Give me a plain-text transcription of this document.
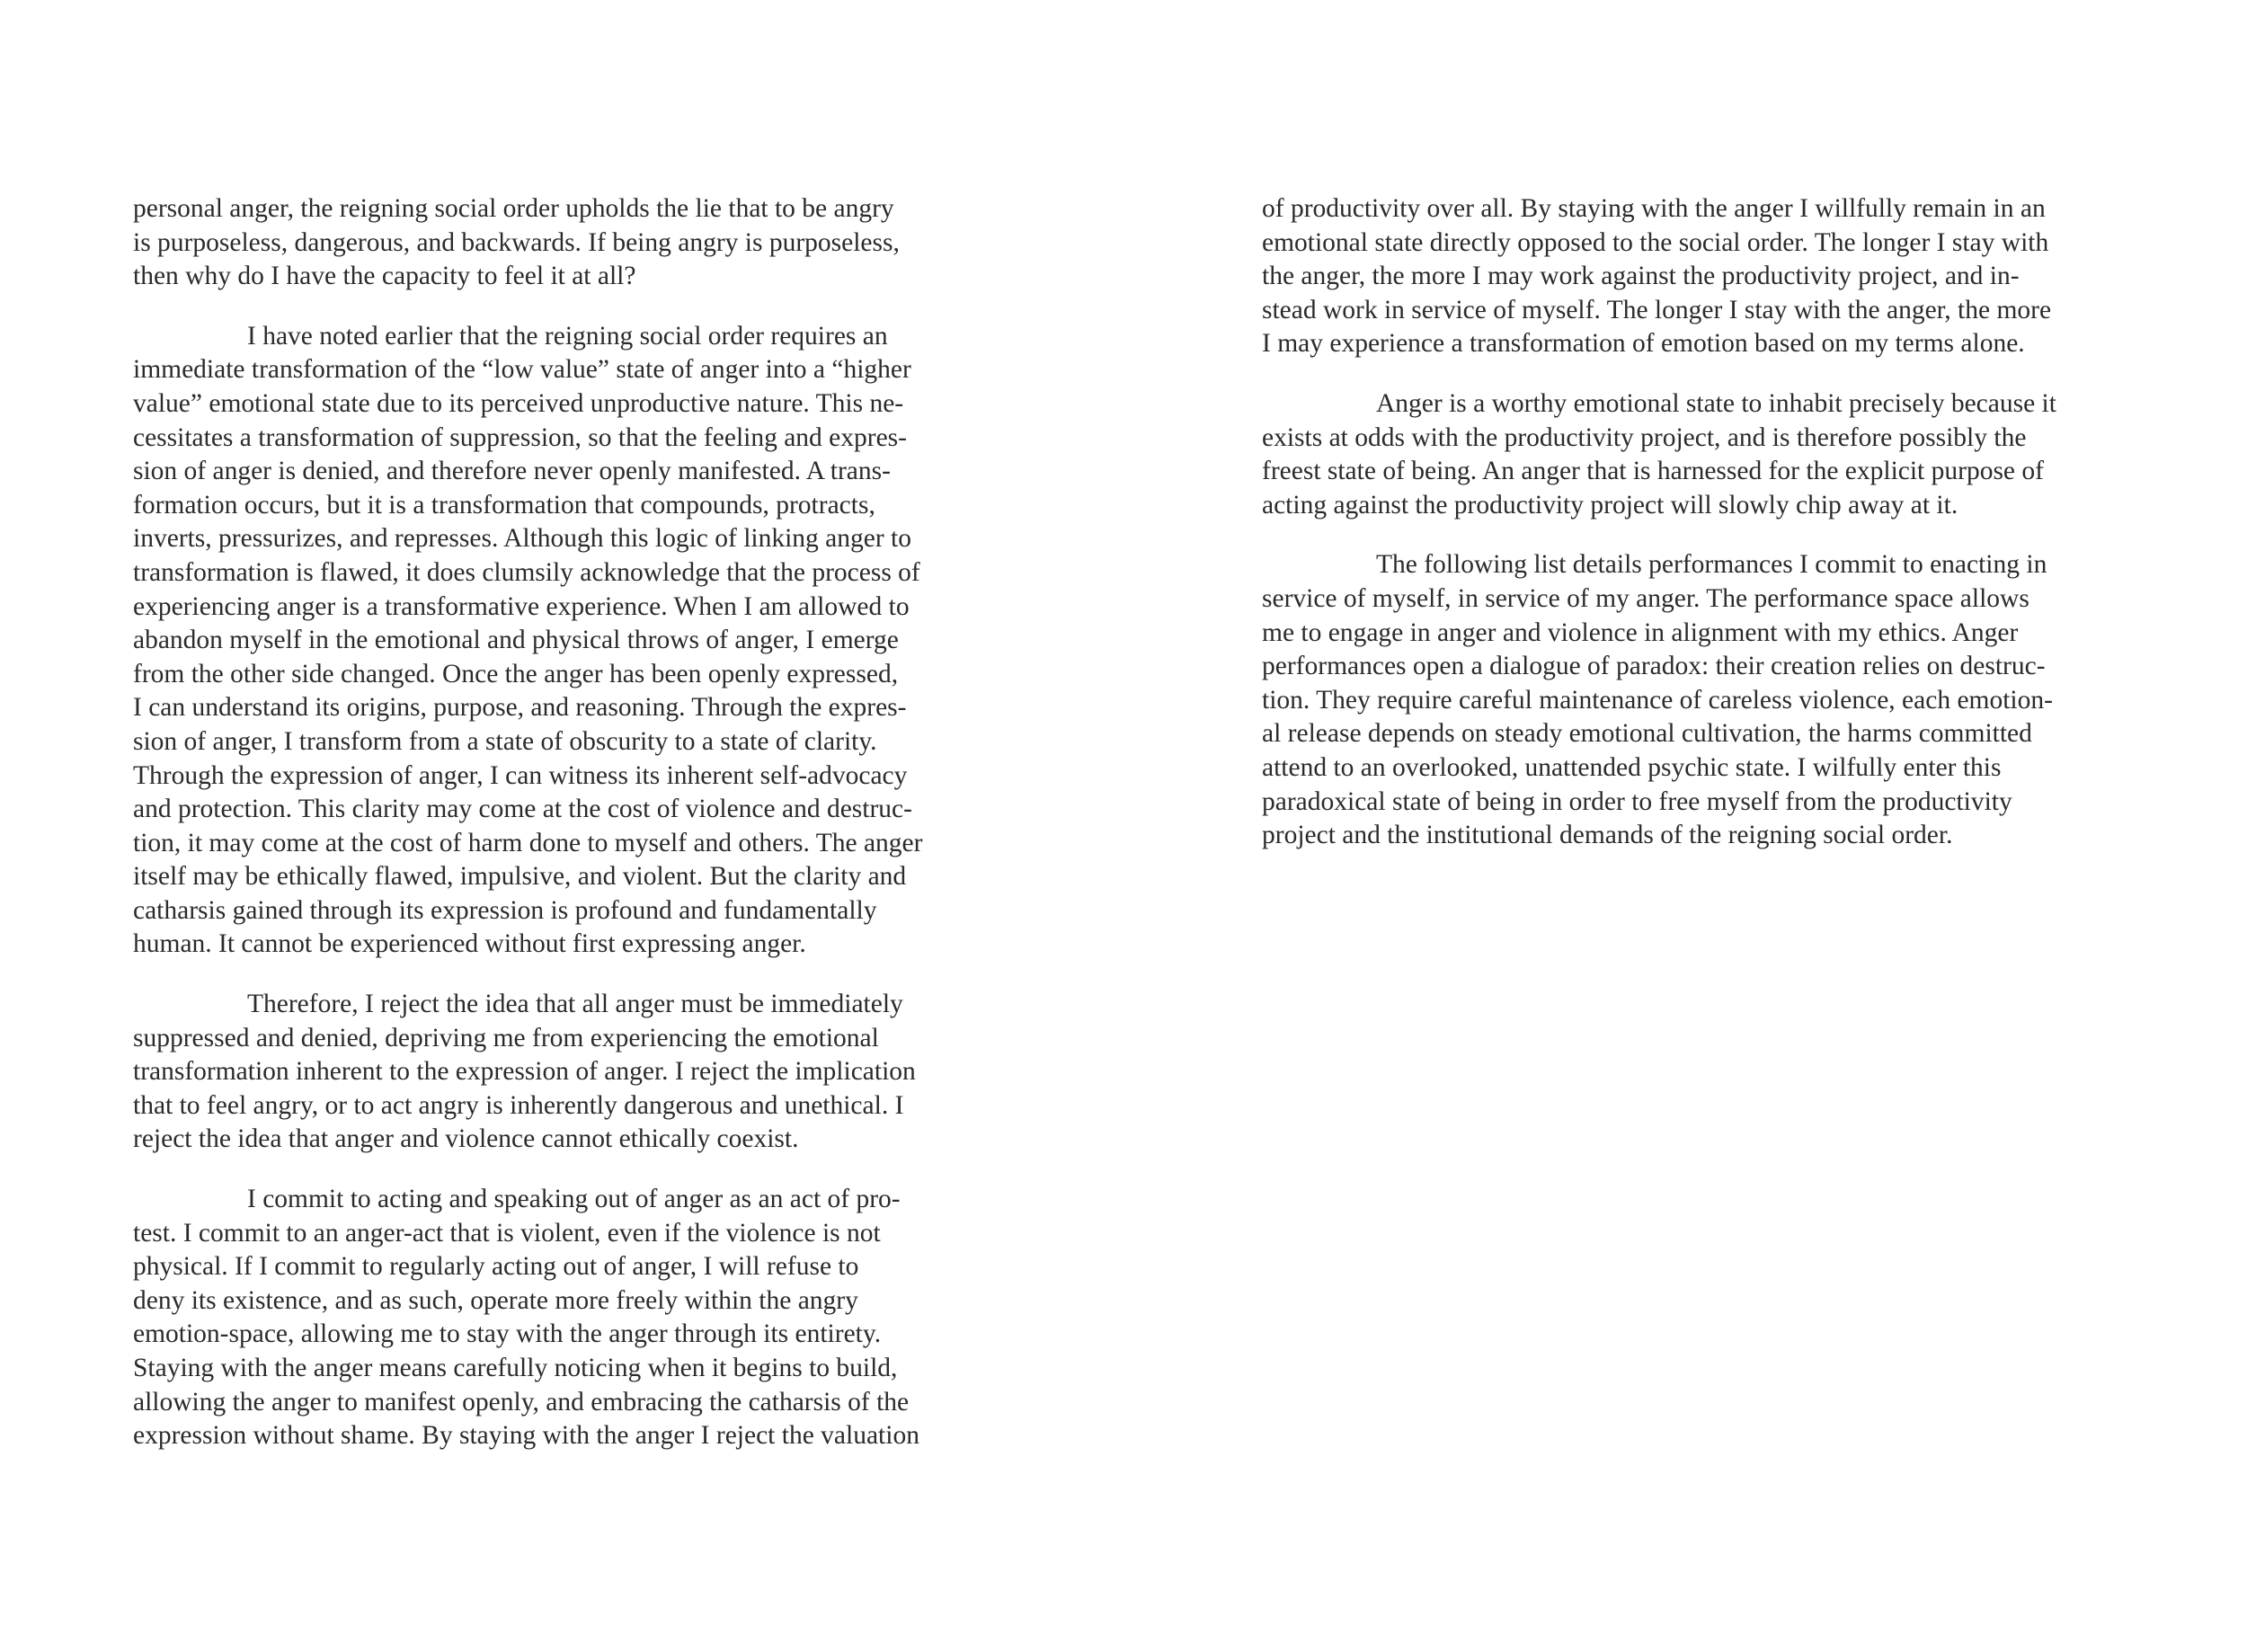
personal anger, the reigning social order upholds the lie that to be angry
is purposeless, dangerous, and backwards. If being angry is purposeless,
then why do I have the capacity to feel it at all?
I have noted earlier that the reigning social order requires an
immediate transformation of the “low value” state of anger into a “higher
value” emotional state due to its perceived unproductive nature. This ne-
cessitates a transformation of suppression, so that the feeling and expres-
sion of anger is denied, and therefore never openly manifested. A trans-
formation occurs, but it is a transformation that compounds, protracts,
inverts, pressurizes, and represses. Although this logic of linking anger to
transformation is flawed, it does clumsily acknowledge that the process of
experiencing anger is a transformative experience. When I am allowed to
abandon myself in the emotional and physical throws of anger, I emerge
from the other side changed. Once the anger has been openly expressed,
I can understand its origins, purpose, and reasoning. Through the expres-
sion of anger, I transform from a state of obscurity to a state of clarity.
Through the expression of anger, I can witness its inherent self-advocacy
and protection. This clarity may come at the cost of violence and destruc-
tion, it may come at the cost of harm done to myself and others. The anger
itself may be ethically flawed, impulsive, and violent. But the clarity and
catharsis gained through its expression is profound and fundamentally
human. It cannot be experienced without first expressing anger.
Therefore, I reject the idea that all anger must be immediately
suppressed and denied, depriving me from experiencing the emotional
transformation inherent to the expression of anger. I reject the implication
that to feel angry, or to act angry is inherently dangerous and unethical. I
reject the idea that anger and violence cannot ethically coexist.
I commit to acting and speaking out of anger as an act of pro-
test. I commit to an anger-act that is violent, even if the violence is not
physical. If I commit to regularly acting out of anger, I will refuse to
deny its existence, and as such, operate more freely within the angry
emotion-space, allowing me to stay with the anger through its entirety.
Staying with the anger means carefully noticing when it begins to build,
allowing the anger to manifest openly, and embracing the catharsis of the
expression without shame. By staying with the anger I reject the valuation
of productivity over all. By staying with the anger I willfully remain in an
emotional state directly opposed to the social order. The longer I stay with
the anger, the more I may work against the productivity project, and in-
stead work in service of myself. The longer I stay with the anger, the more
I may experience a transformation of emotion based on my terms alone.
Anger is a worthy emotional state to inhabit precisely because it
exists at odds with the productivity project, and is therefore possibly the
freest state of being. An anger that is harnessed for the explicit purpose of
acting against the productivity project will slowly chip away at it.
The following list details performances I commit to enacting in
service of myself, in service of my anger. The performance space allows
me to engage in anger and violence in alignment with my ethics. Anger
performances open a dialogue of paradox: their creation relies on destruc-
tion. They require careful maintenance of careless violence, each emotion-
al release depends on steady emotional cultivation, the harms committed
attend to an overlooked, unattended psychic state. I wilfully enter this
paradoxical state of being in order to free myself from the productivity
project and the institutional demands of the reigning social order.
